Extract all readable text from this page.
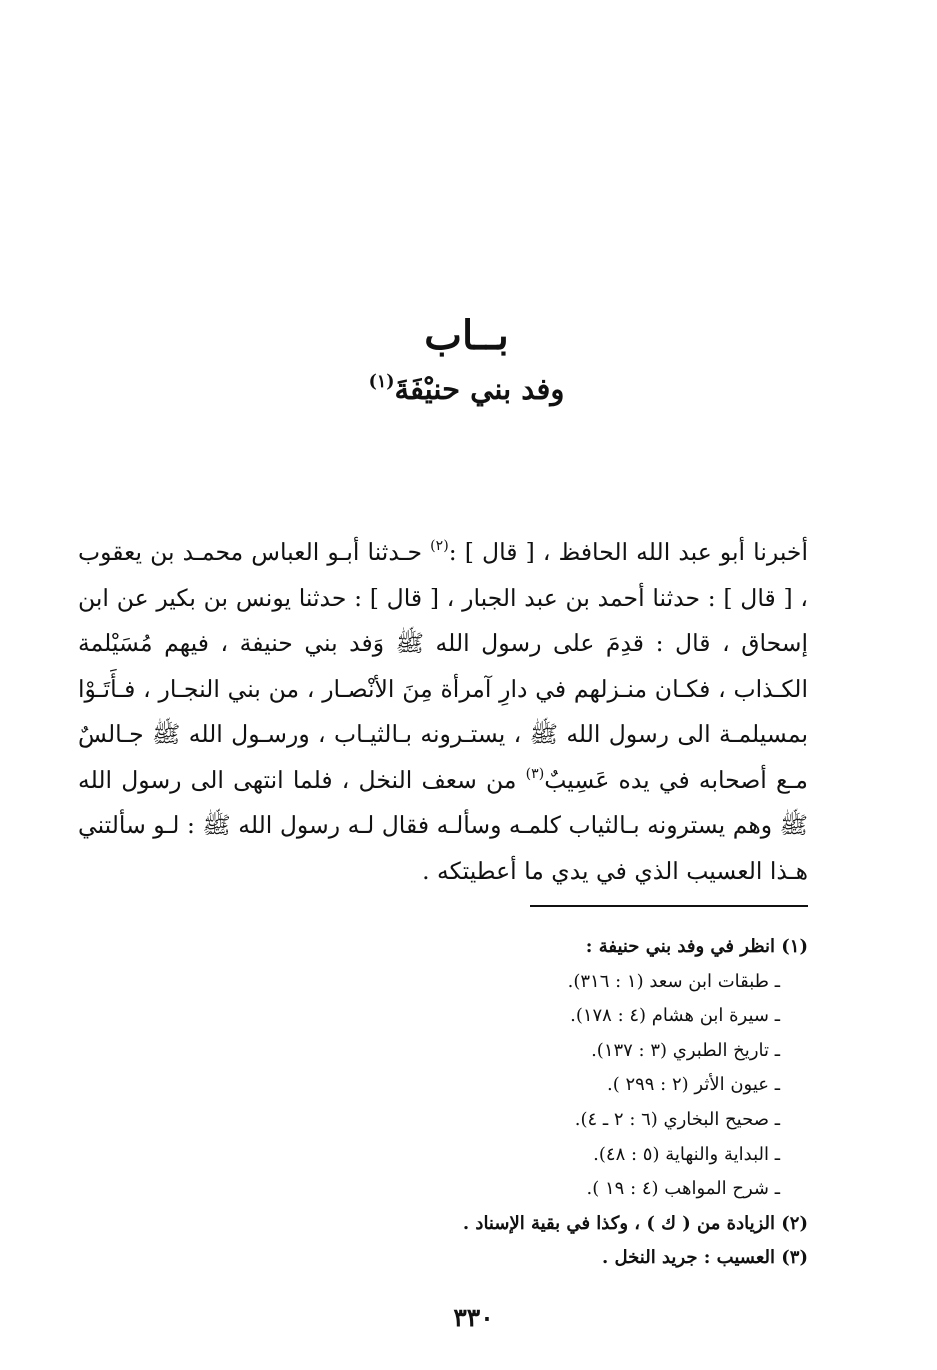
بــاب
وفد بني حنيْفَةَ$^{(١)}$

أخبرنا أبو عبد الله الحافظ ، [ قال ] :$^{(٢)}$ حـدثنا أبـو العباس محمـد بن يعقوب ، [ قال ] : حدثنا أحمد بن عبد الجبار ، [ قال ] : حدثنا يونس بن بكير عن ابن إسحاق ، قال : قدِمَ على رسول الله ﷺ وَفد بني حنيفة ، فيهم مُسَيْلمة الكـذاب ، فكـان منـزلهم في دارِ آمرأة مِنَ الأنْصـار ، من بني النجـار ، فـأَتَـوْا بمسيلمـة الى رسول الله ﷺ ، يستـرونه بـالثيـاب ، ورسـول الله ﷺ جـالسٌ مـع أصحابه في يده عَسِيبٌ$^{(٣)}$ من سعف النخل ، فلما انتهى الى رسول الله ﷺ وهم يسترونه بـالثياب كلمـه وسألـه فقال لـه رسول الله ﷺ : لـو سألتني هـذا العسيب الذي في يدي ما أعطيتكه .

(١) انظر في وفد بني حنيفة :
ـ طبقات ابن سعد (١ : ٣١٦).
ـ سيرة ابن هشام (٤ : ١٧٨).
ـ تاريخ الطبري (٣ : ١٣٧).
ـ عيون الأثر (٢ : ٢٩٩ ).
ـ صحيح البخاري (٦ : ٢ ـ ٤).
ـ البداية والنهاية (٥ : ٤٨).
ـ شرح المواهب (٤ : ١٩ ).
(٢) الزيادة من ( ك ) ، وكذا في بقية الإسناد .
(٣) العسيب : جريد النخل .
٣٣٠
